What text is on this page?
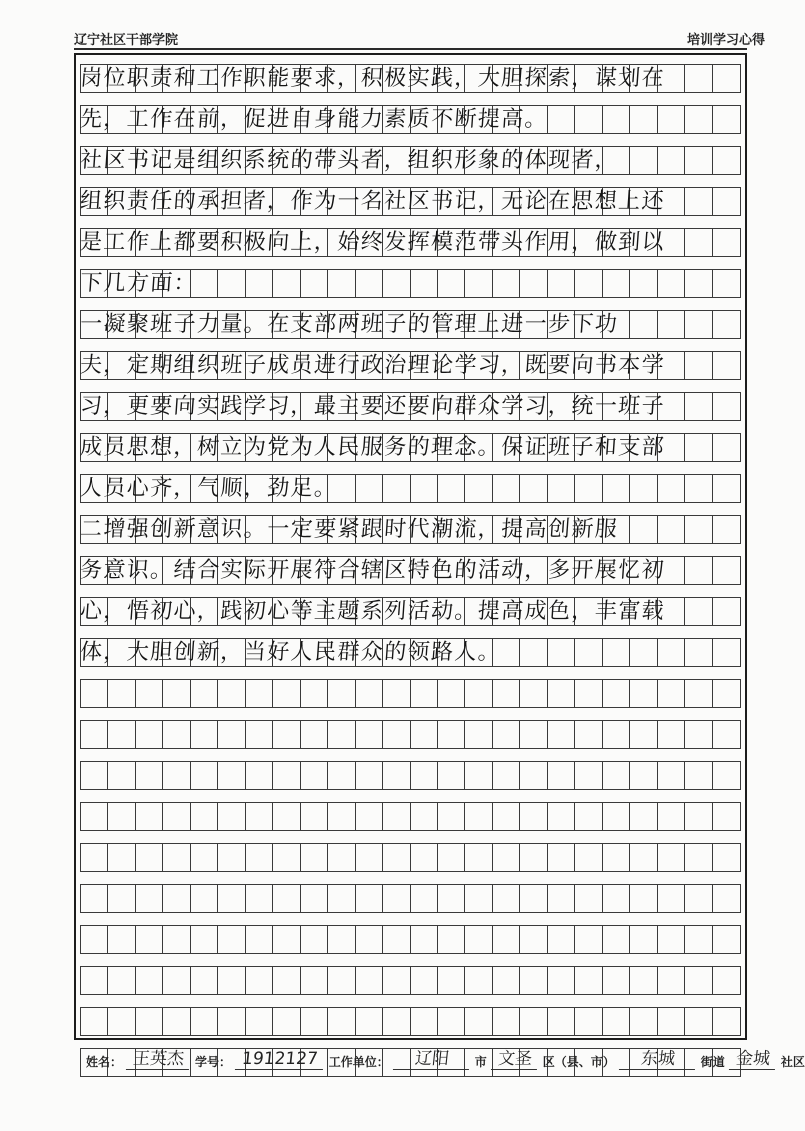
辽宁社区干部学院	培训学习心得
岗位职责和工作职能要求，积极实践，大胆探索，谋划在
先，工作在前，促进自身能力素质不断提高。
社区书记是组织系统的带头者，组织形象的体现者，
组织责任的承担者，作为一名社区书记，无论在思想上还
是工作上都要积极向上，始终发挥模范带头作用，做到以
下几方面：
一凝聚班子力量。在支部两班子的管理上进一步下功
夫，定期组织班子成员进行政治理论学习，既要向书本学
习，更要向实践学习，最主要还要向群众学习，统一班子
成员思想，树立为党为人民服务的理念。保证班子和支部
人员心齐，气顺，劲足。
二增强创新意识。一定要紧跟时代潮流，提高创新服
务意识。结合实际开展符合辖区特色的活动，多开展忆初
心，悟初心，践初心等主题系列活动。提高成色，丰富载
体，大胆创新，当好人民群众的领路人。
姓名： 王英杰 学号： 1912127 工作单位：	辽阳	市 文圣 区（县、市）	东城	街道 金城 社区
